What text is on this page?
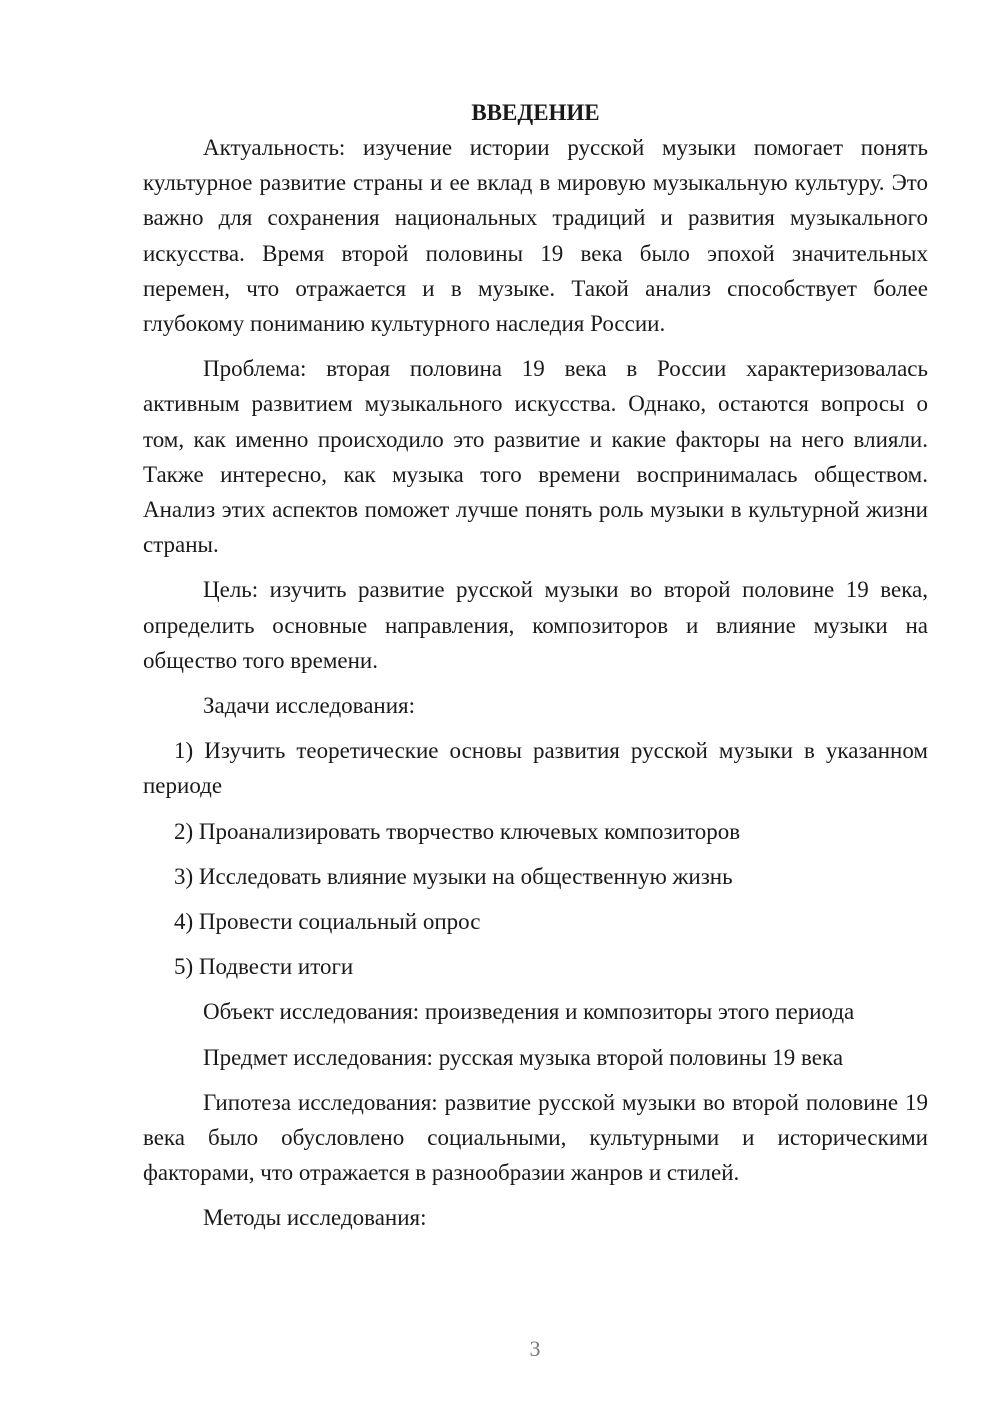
ВВЕДЕНИЕ

Актуальность: изучение истории русской музыки помогает понять культурное развитие страны и ее вклад в мировую музыкальную культуру. Это важно для сохранения национальных традиций и развития музыкального искусства. Время второй половины 19 века было эпохой значительных перемен, что отражается и в музыке. Такой анализ способствует более глубокому пониманию культурного наследия России.

Проблема: вторая половина 19 века в России характеризовалась активным развитием музыкального искусства. Однако, остаются вопросы о том, как именно происходило это развитие и какие факторы на него влияли. Также интересно, как музыка того времени воспринималась обществом. Анализ этих аспектов поможет лучше понять роль музыки в культурной жизни страны.

Цель: изучить развитие русской музыки во второй половине 19 века, определить основные направления, композиторов и влияние музыки на общество того времени.

Задачи исследования:

1) Изучить теоретические основы развития русской музыки в указанном периоде

2) Проанализировать творчество ключевых композиторов

3) Исследовать влияние музыки на общественную жизнь

4) Провести социальный опрос

5) Подвести итоги

Объект исследования: произведения и композиторы этого периода

Предмет исследования: русская музыка второй половины 19 века

Гипотеза исследования: развитие русской музыки во второй половине 19 века было обусловлено социальными, культурными и историческими факторами, что отражается в разнообразии жанров и стилей.

Методы исследования:

3
